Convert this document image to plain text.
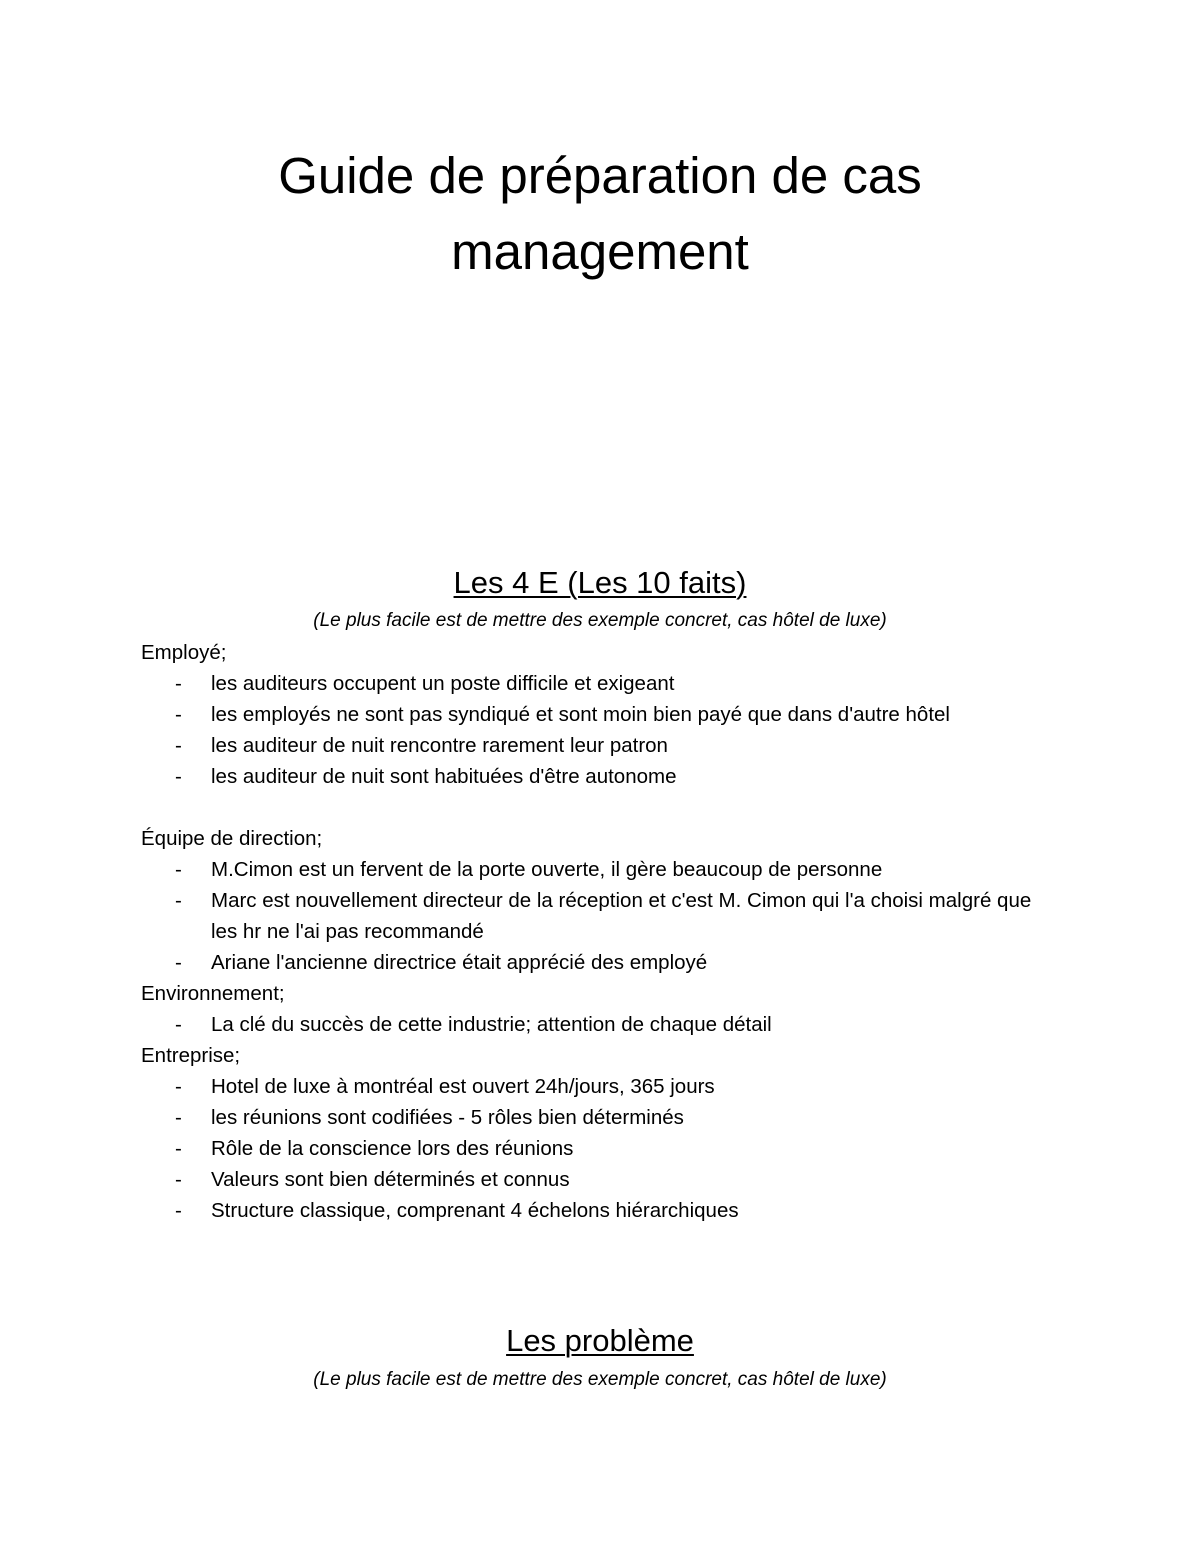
Guide de préparation de cas
management
Les 4 E (Les 10 faits)

(Le plus facile est de mettre des exemple concret, cas hôtel de luxe)

Employé;

- les auditeurs occupent un poste difficile et exigeant
- les employés ne sont pas syndiqué et sont moin bien payé que dans d'autre hôtel
- les auditeur de nuit rencontre rarement leur patron
- les auditeur de nuit sont habituées d'être autonome

Équipe de direction;

- M.Cimon est un fervent de la porte ouverte, il gère beaucoup de personne
- Marc est nouvellement directeur de la réception et c'est M. Cimon qui l'a choisi malgré que les hr ne l'ai pas recommandé
- Ariane l'ancienne directrice était apprécié des employé

Environnement;

- La clé du succès de cette industrie; attention de chaque détail

Entreprise;

- Hotel de luxe à montréal est ouvert 24h/jours, 365 jours
- les réunions sont codifiées - 5 rôles bien déterminés
- Rôle de la conscience lors des réunions
- Valeurs sont bien déterminés et connus
- Structure classique, comprenant 4 échelons hiérarchiques
Les problème

(Le plus facile est de mettre des exemple concret, cas hôtel de luxe)
